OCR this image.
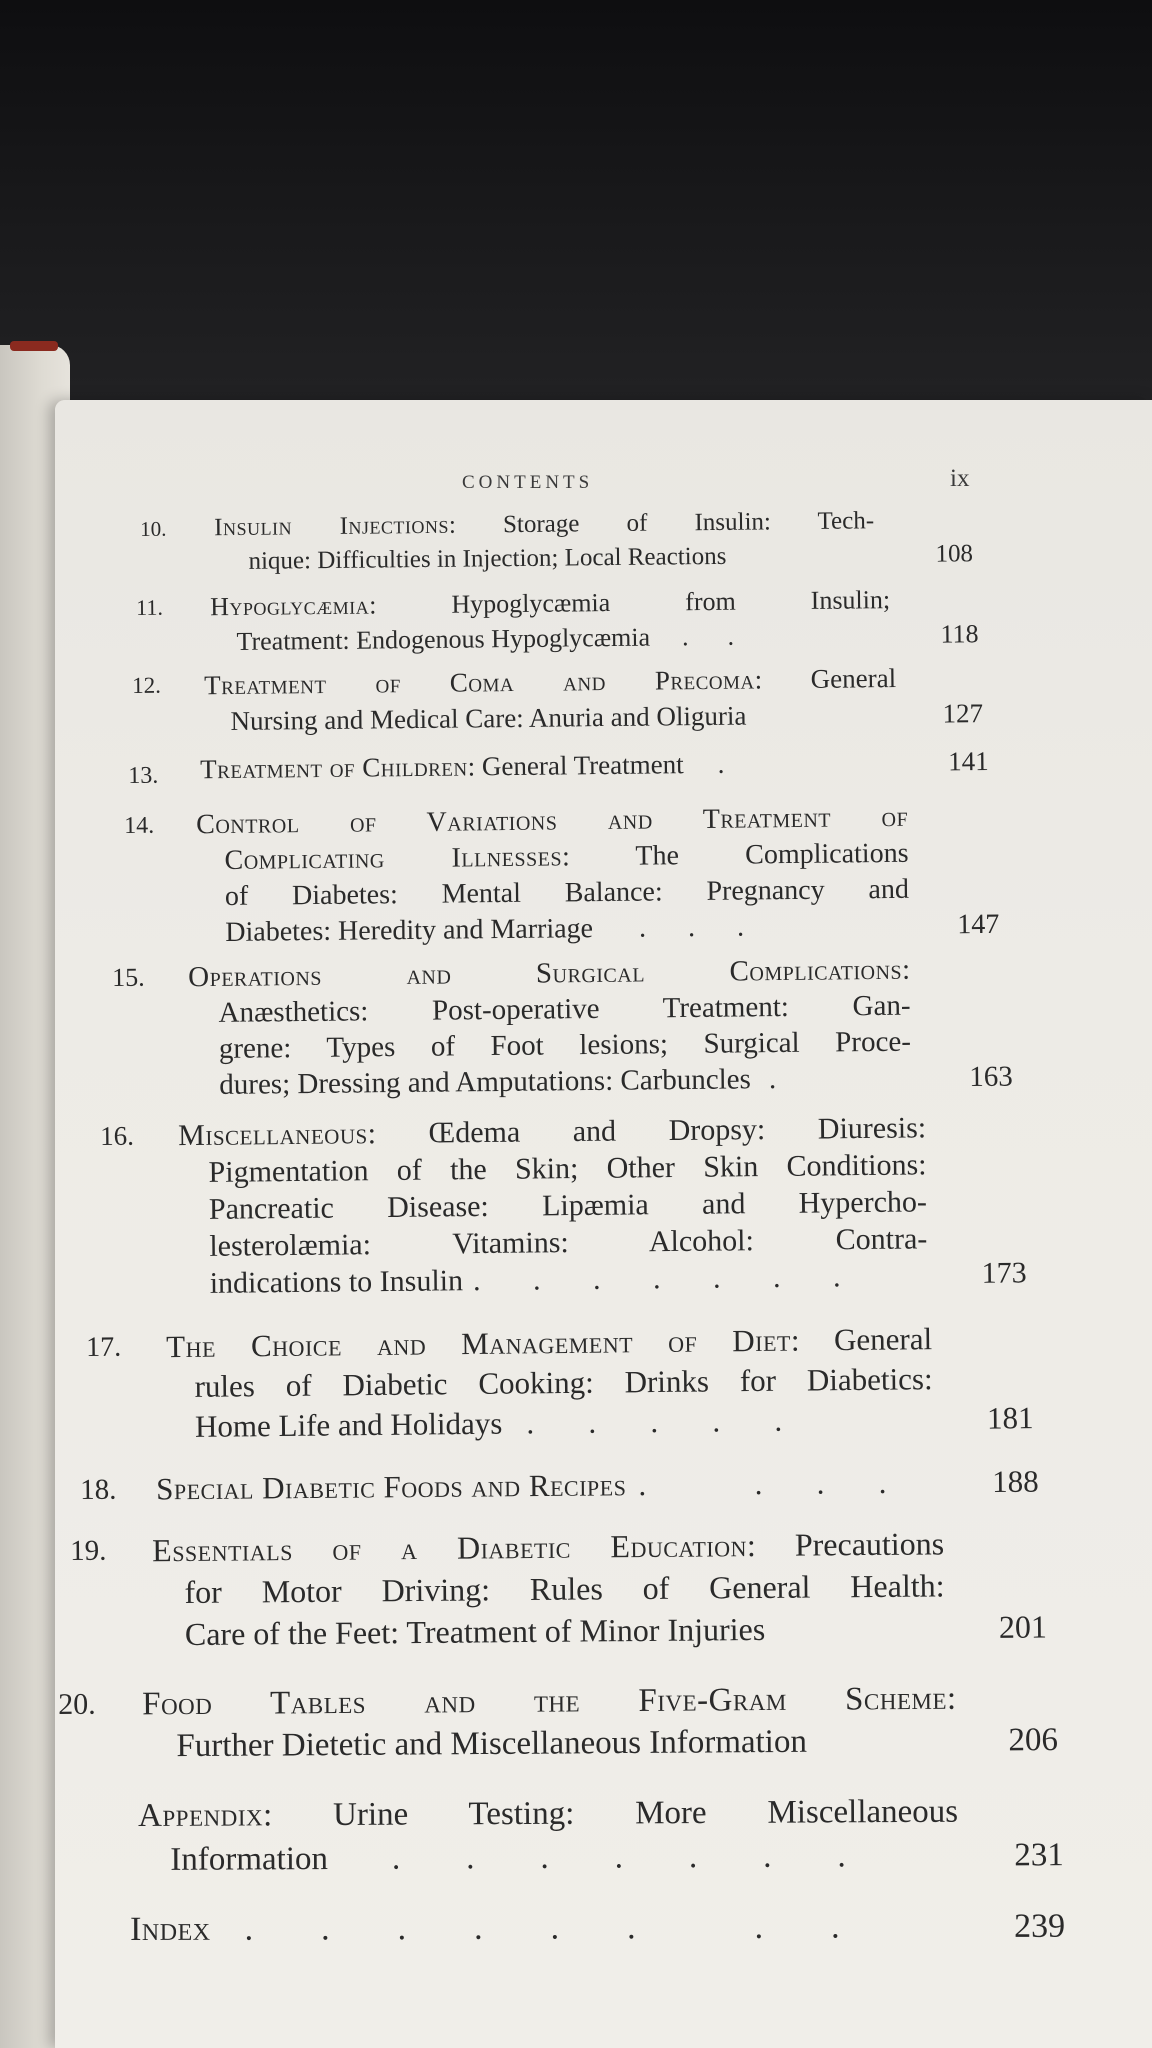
CONTENTS	ix
10. Insulin Injections: Storage of Insulin: Tech-
nique: Difficulties in Injection; Local Reactions	108
11. Hypoglycæmia: Hypoglycæmia from Insulin;
Treatment: Endogenous Hypoglycæmia .      .	118
12. Treatment of Coma and Precoma: General
Nursing and Medical Care: Anuria and Oliguria	127
13. Treatment of Children: General Treatment .	141
14. Control of Variations and Treatment of
Complicating Illnesses: The Complications
of Diabetes: Mental Balance: Pregnancy and
Diabetes: Heredity and Marriage .      .      .	147
15. Operations and Surgical Complications:
Anæsthetics: Post-operative Treatment: Gan-
grene: Types of Foot lesions; Surgical Proce-
dures; Dressing and Amputations: Carbuncles .	163
16. Miscellaneous: Œdema and Dropsy: Diuresis:
Pigmentation of the Skin; Other Skin Conditions:
Pancreatic Disease: Lipæmia and Hypercho-
lesterolæmia: Vitamins: Alcohol: Contra-
indications to Insulin .       .       .       .       .       .       .	173
17. The Choice and Management of Diet: General
rules of Diabetic Cooking: Drinks for Diabetics:
Home Life and Holidays .       .       .       .       .	181
18. Special Diabetic Foods and Recipes .              .       .       .	188
19. Essentials of a Diabetic Education: Precautions
for Motor Driving: Rules of General Health:
Care of the Feet: Treatment of Minor Injuries	201
20. Food Tables and the Five-Gram Scheme:
Further Dietetic and Miscellaneous Information	206
Appendix: Urine Testing: More Miscellaneous
Information .        .        .        .        .        .        .	231
Index .        .        .        .        .        .              .        .	239
